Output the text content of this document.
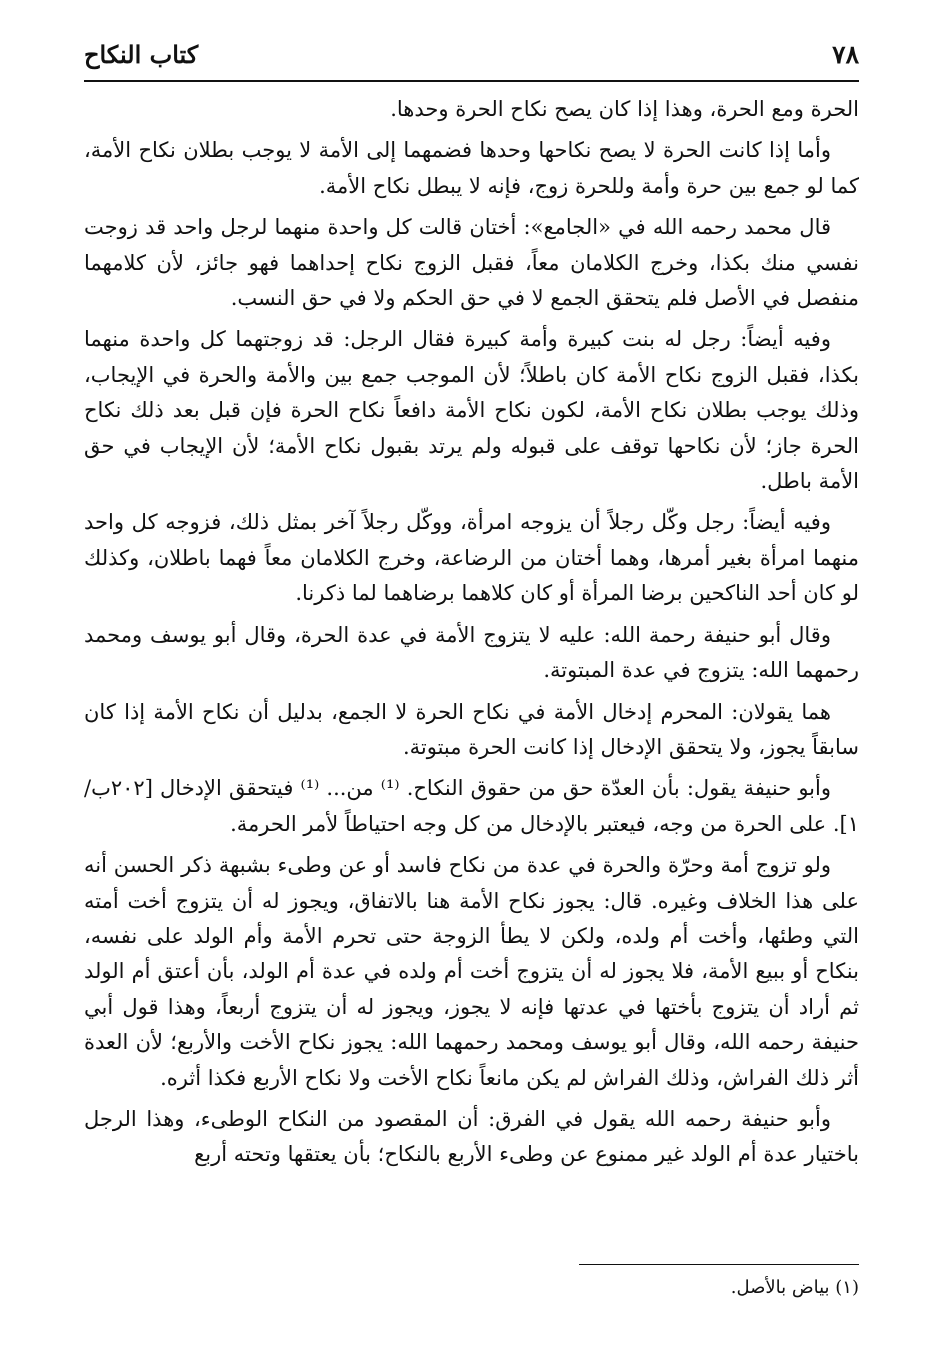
٧٨
كتاب النكاح

الحرة ومع الحرة، وهذا إذا كان يصح نكاح الحرة وحدها.

وأما إذا كانت الحرة لا يصح نكاحها وحدها فضمهما إلى الأمة لا يوجب بطلان نكاح الأمة، كما لو جمع بين حرة وأمة وللحرة زوج، فإنه لا يبطل نكاح الأمة.

قال محمد رحمه الله في «الجامع»: أختان قالت كل واحدة منهما لرجل واحد قد زوجت نفسي منك بكذا، وخرج الكلامان معاً، فقبل الزوج نكاح إحداهما فهو جائز، لأن كلامهما منفصل في الأصل فلم يتحقق الجمع لا في حق الحكم ولا في حق النسب.

وفيه أيضاً: رجل له بنت كبيرة وأمة كبيرة فقال الرجل: قد زوجتهما كل واحدة منهما بكذا، فقبل الزوج نكاح الأمة كان باطلاً؛ لأن الموجب جمع بين والأمة والحرة في الإيجاب، وذلك يوجب بطلان نكاح الأمة، لكون نكاح الأمة دافعاً نكاح الحرة فإن قبل بعد ذلك نكاح الحرة جاز؛ لأن نكاحها توقف على قبوله ولم يرتد بقبول نكاح الأمة؛ لأن الإيجاب في حق الأمة باطل.

وفيه أيضاً: رجل وكّل رجلاً أن يزوجه امرأة، ووكّل رجلاً آخر بمثل ذلك، فزوجه كل واحد منهما امرأة بغير أمرها، وهما أختان من الرضاعة، وخرج الكلامان معاً فهما باطلان، وكذلك لو كان أحد الناكحين برضا المرأة أو كان كلاهما برضاهما لما ذكرنا.

وقال أبو حنيفة رحمة الله: عليه لا يتزوج الأمة في عدة الحرة، وقال أبو يوسف ومحمد رحمهما الله: يتزوج في عدة المبتوتة.

هما يقولان: المحرم إدخال الأمة في نكاح الحرة لا الجمع، بدليل أن نكاح الأمة إذا كان سابقاً يجوز، ولا يتحقق الإدخال إذا كانت الحرة مبتوتة.

وأبو حنيفة يقول: بأن العدّة حق من حقوق النكاح. ⁽¹⁾ من... ⁽¹⁾ فيتحقق الإدخال [٢٠٢ب/١]. على الحرة من وجه، فيعتبر بالإدخال من كل وجه احتياطاً لأمر الحرمة.

ولو تزوج أمة وحرّة والحرة في عدة من نكاح فاسد أو عن وطىء بشبهة ذكر الحسن أنه على هذا الخلاف وغيره. قال: يجوز نكاح الأمة هنا بالاتفاق، ويجوز له أن يتزوج أخت أمته التي وطئها، وأخت أم ولده، ولكن لا يطأ الزوجة حتى تحرم الأمة وأم الولد على نفسه، بنكاح أو ببيع الأمة، فلا يجوز له أن يتزوج أخت أم ولده في عدة أم الولد، بأن أعتق أم الولد ثم أراد أن يتزوج بأختها في عدتها فإنه لا يجوز، ويجوز له أن يتزوج أربعاً، وهذا قول أبي حنيفة رحمه الله، وقال أبو يوسف ومحمد رحمهما الله: يجوز نكاح الأخت والأربع؛ لأن العدة أثر ذلك الفراش، وذلك الفراش لم يكن مانعاً نكاح الأخت ولا نكاح الأربع فكذا أثره.

وأبو حنيفة رحمه الله يقول في الفرق: أن المقصود من النكاح الوطىء، وهذا الرجل باختيار عدة أم الولد غير ممنوع عن وطىء الأربع بالنكاح؛ بأن يعتقها وتحته أربع

(١) بياض بالأصل.
